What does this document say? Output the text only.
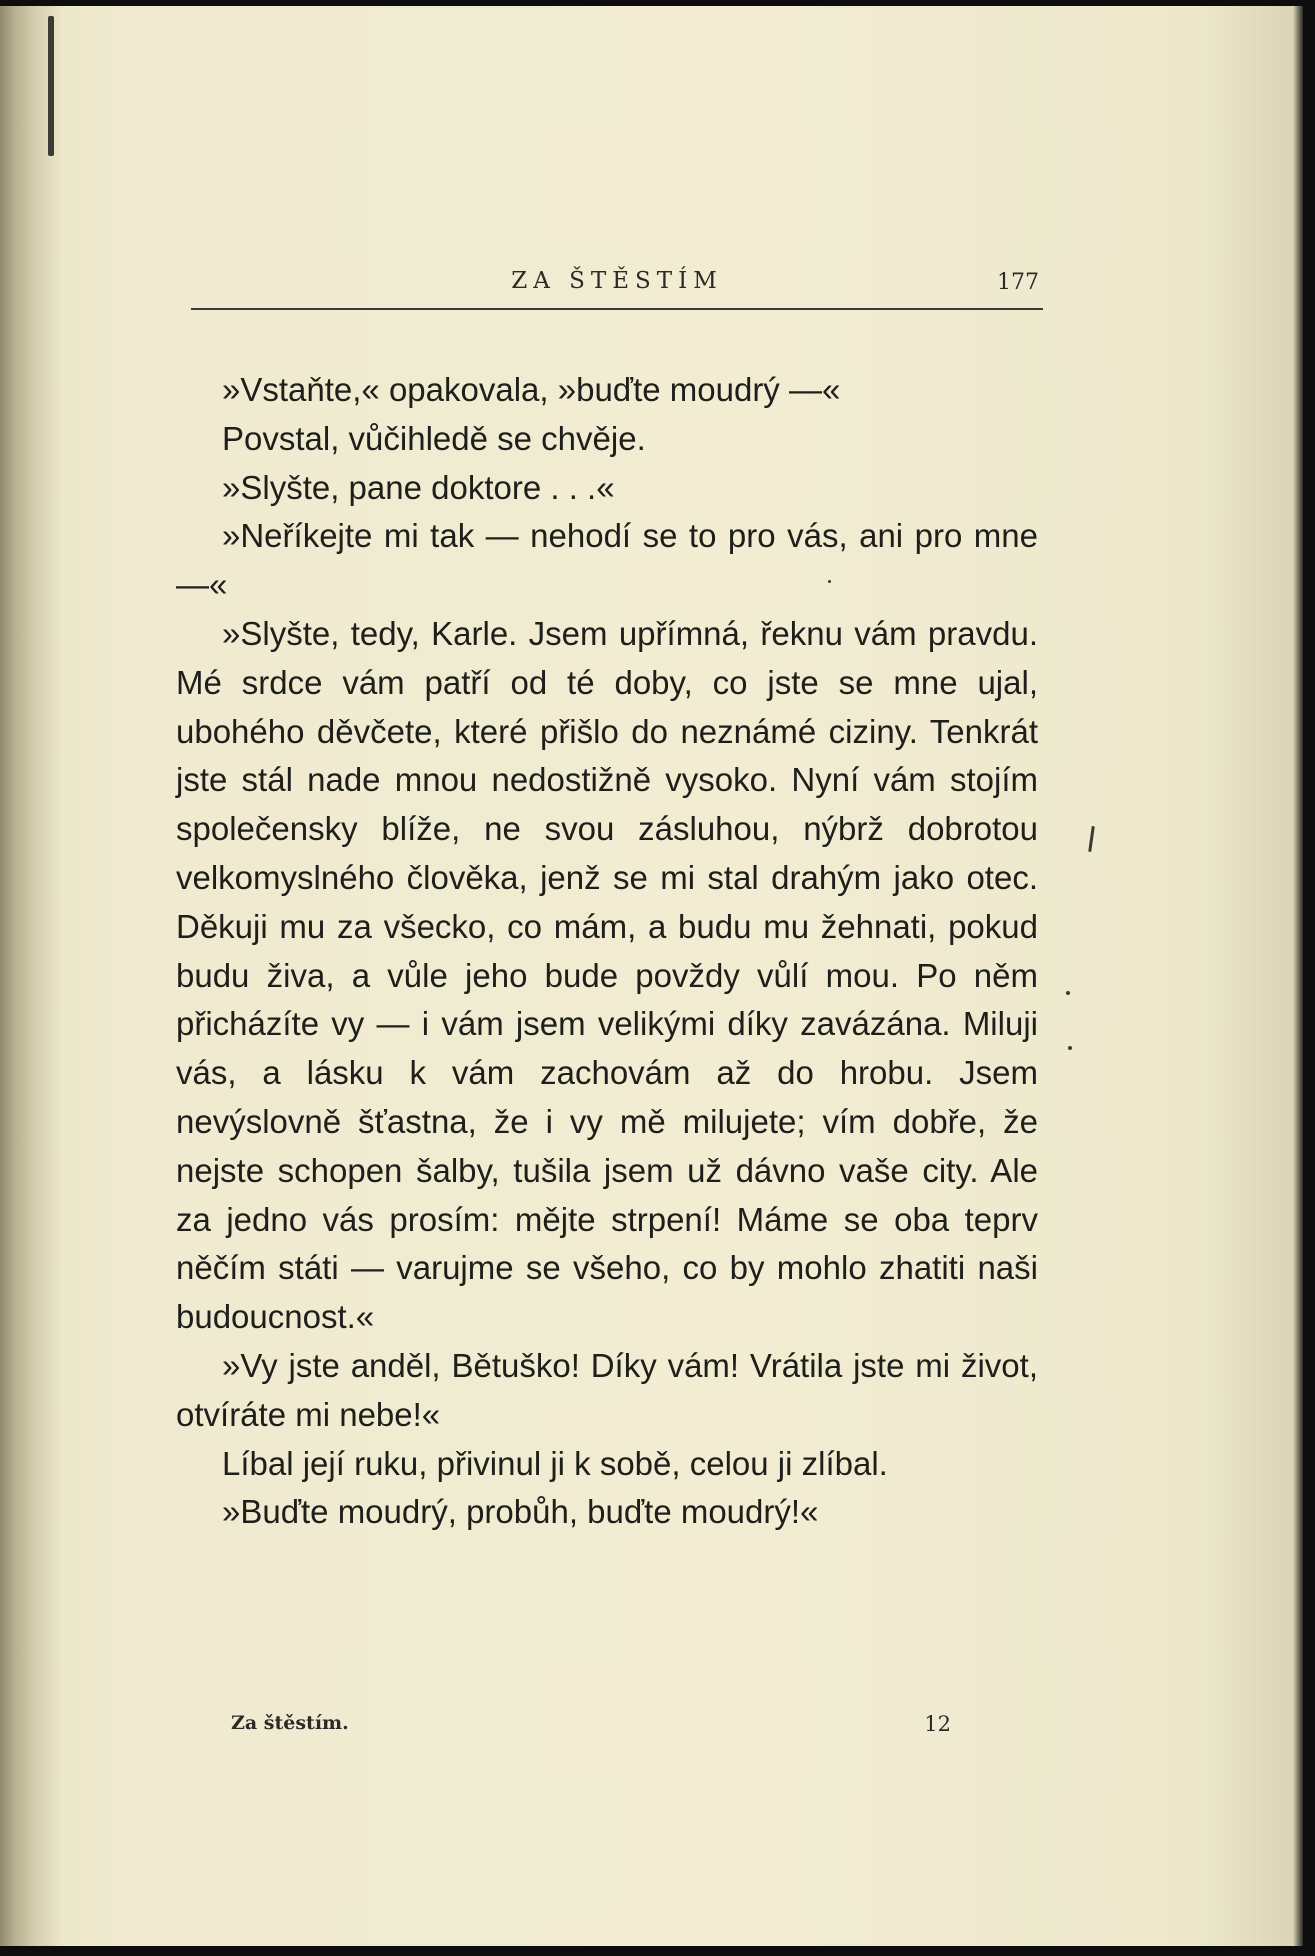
ZA ŠTĚSTÍM	177

»Vstaňte,« opakovala, »buďte moudrý —«

Povstal, vůčihledě se chvěje.

»Slyšte, pane doktore . . .«

»Neříkejte mi tak — nehodí se to pro vás, ani pro mne —«

»Slyšte, tedy, Karle. Jsem upřímná, řeknu vám pravdu. Mé srdce vám patří od té doby, co jste se mne ujal, ubohého děvčete, které přišlo do neznámé ciziny. Tenkrát jste stál nade mnou nedostižně vysoko. Nyní vám stojím společensky blíže, ne svou zásluhou, nýbrž dobrotou velkomyslného člověka, jenž se mi stal drahým jako otec. Děkuji mu za všecko, co mám, a budu mu žehnati, pokud budu živa, a vůle jeho bude povždy vůlí mou. Po něm přicházíte vy — i vám jsem velikými díky zavázána. Miluji vás, a lásku k vám zachovám až do hrobu. Jsem nevýslovně šťastna, že i vy mě milujete; vím dobře, že nejste schopen šalby, tušila jsem už dávno vaše city. Ale za jedno vás prosím: mějte strpení! Máme se oba teprv něčím státi — varujme se všeho, co by mohlo zhatiti naši budoucnost.«

»Vy jste anděl, Bětuško! Díky vám! Vrátila jste mi život, otvíráte mi nebe!«

Líbal její ruku, přivinul ji k sobě, celou ji zlíbal.

»Buďte moudrý, probůh, buďte moudrý!«

Za štěstím.	12
